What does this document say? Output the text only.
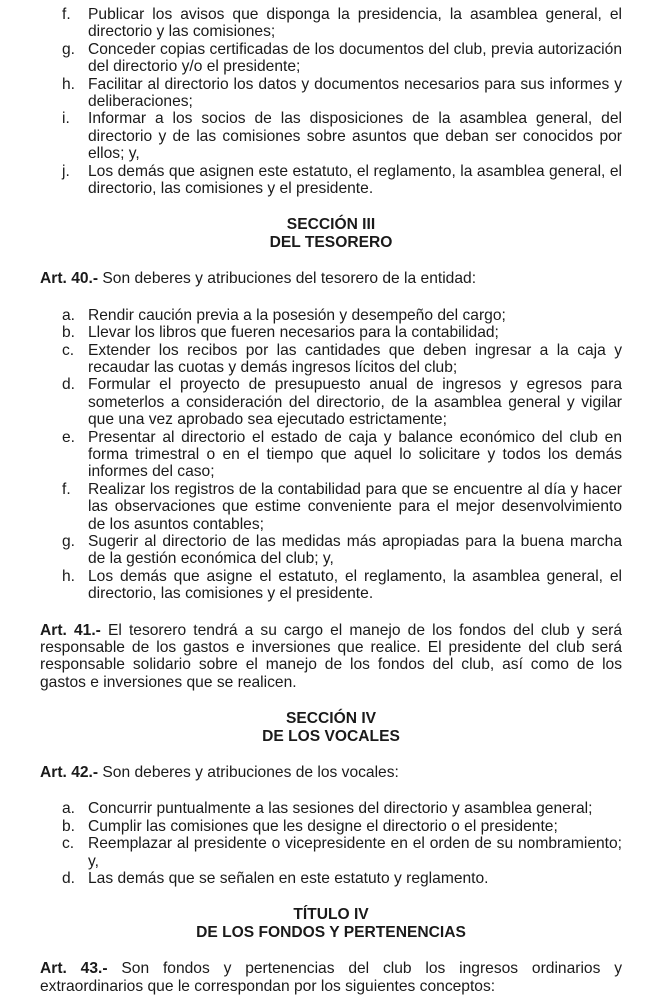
f. Publicar los avisos que disponga la presidencia, la asamblea general, el directorio y las comisiones;
g. Conceder copias certificadas de los documentos del club, previa autorización del directorio y/o el presidente;
h. Facilitar al directorio los datos y documentos necesarios para sus informes y deliberaciones;
i. Informar a los socios de las disposiciones de la asamblea general, del directorio y de las comisiones sobre asuntos que deban ser conocidos por ellos; y,
j. Los demás que asignen este estatuto, el reglamento, la asamblea general, el directorio, las comisiones y el presidente.
SECCIÓN III
DEL TESORERO

Art. 40.- Son deberes y atribuciones del tesorero de la entidad:

a. Rendir caución previa a la posesión y desempeño del cargo;
b. Llevar los libros que fueren necesarios para la contabilidad;
c. Extender los recibos por las cantidades que deben ingresar a la caja y recaudar las cuotas y demás ingresos lícitos del club;
d. Formular el proyecto de presupuesto anual de ingresos y egresos para someterlos a consideración del directorio, de la asamblea general y vigilar que una vez aprobado sea ejecutado estrictamente;
e. Presentar al directorio el estado de caja y balance económico del club en forma trimestral o en el tiempo que aquel lo solicitare y todos los demás informes del caso;
f. Realizar los registros de la contabilidad para que se encuentre al día y hacer las observaciones que estime conveniente para el mejor desenvolvimiento de los asuntos contables;
g. Sugerir al directorio de las medidas más apropiadas para la buena marcha de la gestión económica del club; y,
h. Los demás que asigne el estatuto, el reglamento, la asamblea general, el directorio, las comisiones y el presidente.

Art. 41.- El tesorero tendrá a su cargo el manejo de los fondos del club y será responsable de los gastos e inversiones que realice. El presidente del club será responsable solidario sobre el manejo de los fondos del club, así como de los gastos e inversiones que se realicen.

SECCIÓN IV
DE LOS VOCALES

Art. 42.- Son deberes y atribuciones de los vocales:

a. Concurrir puntualmente a las sesiones del directorio y asamblea general;
b. Cumplir las comisiones que les designe el directorio o el presidente;
c. Reemplazar al presidente o vicepresidente en el orden de su nombramiento; y,
d. Las demás que se señalen en este estatuto y reglamento.
TÍTULO IV
DE LOS FONDOS Y PERTENENCIAS

Art. 43.- Son fondos y pertenencias del club los ingresos ordinarios y extraordinarios que le correspondan por los siguientes conceptos:
